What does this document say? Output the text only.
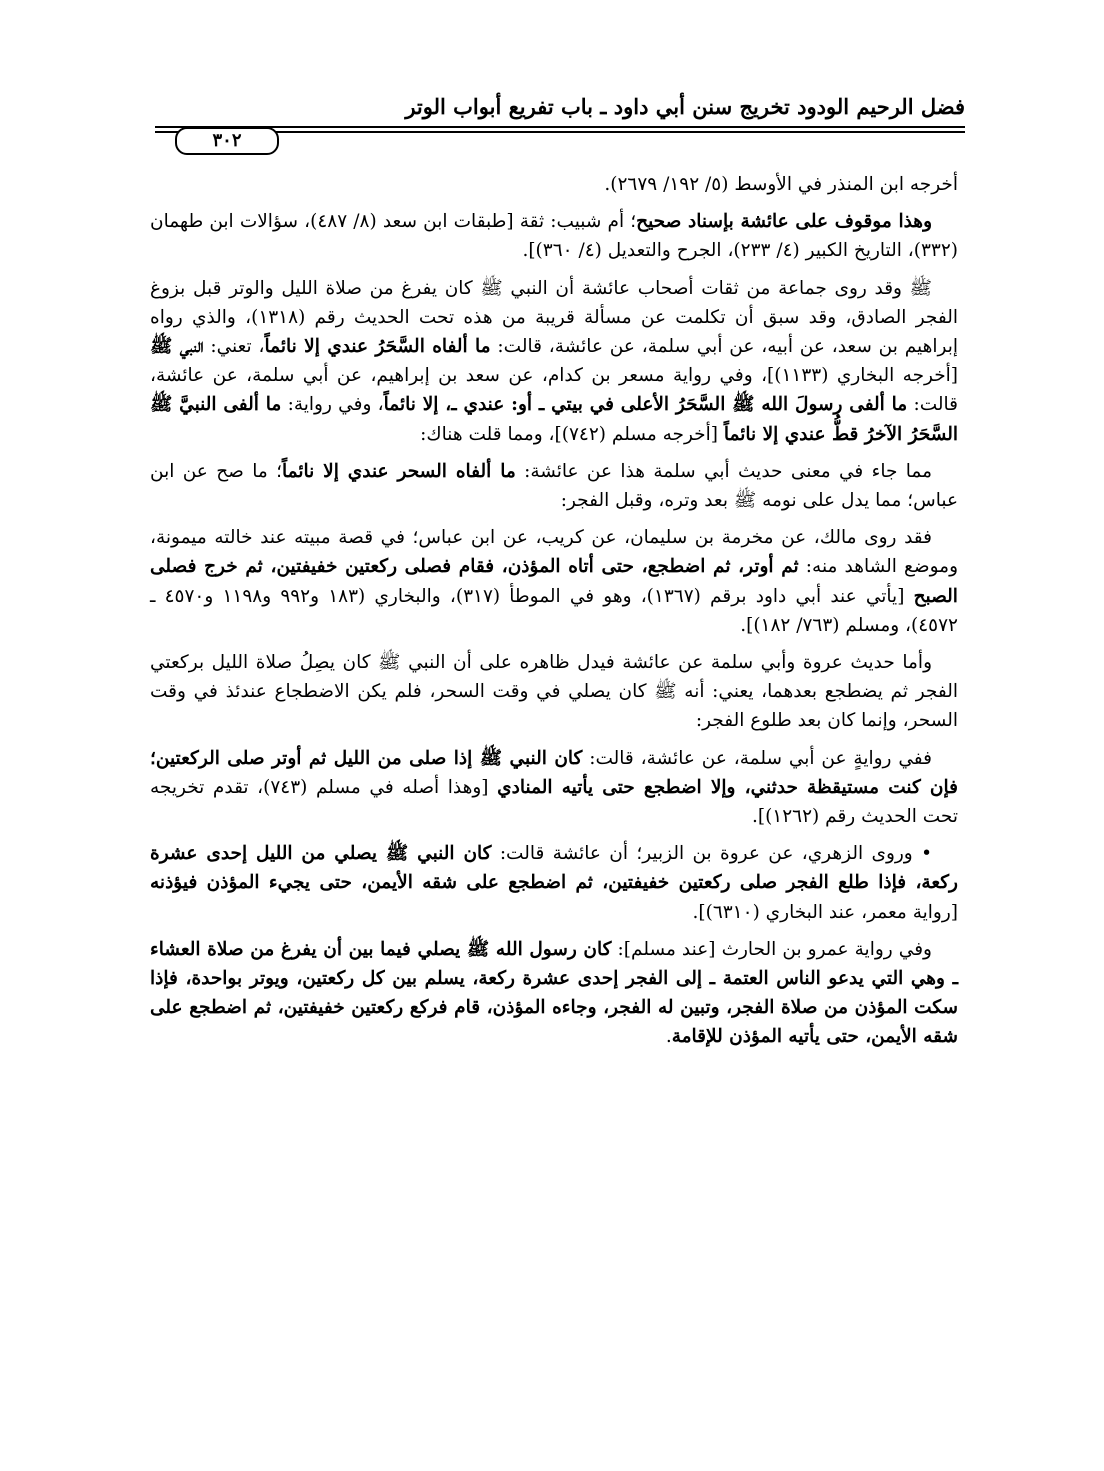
فضل الرحيم الودود تخريج سنن أبي داود ـ باب تفريع أبواب الوتر
٣٠٢

أخرجه ابن المنذر في الأوسط (٥/ ١٩٢/ ٢٦٧٩).

وهذا موقوف على عائشة بإسناد صحيح؛ أم شبيب: ثقة [طبقات ابن سعد (٨/ ٤٨٧)، سؤالات ابن طهمان (٣٣٢)، التاريخ الكبير (٤/ ٢٣٣)، الجرح والتعديل (٤/ ٣٦٠)].

ﷺ وقد روى جماعة من ثقات أصحاب عائشة أن النبي ﷺ كان يفرغ من صلاة الليل والوتر قبل بزوغ الفجر الصادق، وقد سبق أن تكلمت عن مسألة قريبة من هذه تحت الحديث رقم (١٣١٨)، والذي رواه إبراهيم بن سعد، عن أبيه، عن أبي سلمة، عن عائشة، قالت: ما ألفاه السَّحَرُ عندي إلا نائماً، تعني: النبي ﷺ [أخرجه البخاري (١١٣٣)]، وفي رواية مسعر بن كدام، عن سعد بن إبراهيم، عن أبي سلمة، عن عائشة، قالت: ما ألفى رسولَ الله ﷺ السَّحَرُ الأعلى في بيتي ـ أو: عندي ـ، إلا نائماً، وفي رواية: ما ألفى النبيَّ ﷺ السَّحَرُ الآخرُ قطُّ عندي إلا نائماً [أخرجه مسلم (٧٤٢)]، ومما قلت هناك:

مما جاء في معنى حديث أبي سلمة هذا عن عائشة: ما ألفاه السحر عندي إلا نائماً؛ ما صح عن ابن عباس؛ مما يدل على نومه ﷺ بعد وتره، وقبل الفجر:

فقد روى مالك، عن مخرمة بن سليمان، عن كريب، عن ابن عباس؛ في قصة مبيته عند خالته ميمونة، وموضع الشاهد منه: ثم أوتر، ثم اضطجع، حتى أتاه المؤذن، فقام فصلى ركعتين خفيفتين، ثم خرج فصلى الصبح [يأتي عند أبي داود برقم (١٣٦٧)، وهو في الموطأ (٣١٧)، والبخاري (١٨٣ و٩٩٢ و١١٩٨ و٤٥٧٠ ـ ٤٥٧٢)، ومسلم (٧٦٣/ ١٨٢)].

وأما حديث عروة وأبي سلمة عن عائشة فيدل ظاهره على أن النبي ﷺ كان يصِلُ صلاة الليل بركعتي الفجر ثم يضطجع بعدهما، يعني: أنه ﷺ كان يصلي في وقت السحر، فلم يكن الاضطجاع عندئذ في وقت السحر، وإنما كان بعد طلوع الفجر:

ففي روايةٍ عن أبي سلمة، عن عائشة، قالت: كان النبي ﷺ إذا صلى من الليل ثم أوتر صلى الركعتين؛ فإن كنت مستيقظة حدثني، وإلا اضطجع حتى يأتيه المنادي [وهذا أصله في مسلم (٧٤٣)، تقدم تخريجه تحت الحديث رقم (١٢٦٢)].

• وروى الزهري، عن عروة بن الزبير؛ أن عائشة قالت: كان النبي ﷺ يصلي من الليل إحدى عشرة ركعة، فإذا طلع الفجر صلى ركعتين خفيفتين، ثم اضطجع على شقه الأيمن، حتى يجيء المؤذن فيؤذنه [رواية معمر، عند البخاري (٦٣١٠)].

وفي رواية عمرو بن الحارث [عند مسلم]: كان رسول الله ﷺ يصلي فيما بين أن يفرغ من صلاة العشاء ـ وهي التي يدعو الناس العتمة ـ إلى الفجر إحدى عشرة ركعة، يسلم بين كل ركعتين، ويوتر بواحدة، فإذا سكت المؤذن من صلاة الفجر، وتبين له الفجر، وجاءه المؤذن، قام فركع ركعتين خفيفتين، ثم اضطجع على شقه الأيمن، حتى يأتيه المؤذن للإقامة.
